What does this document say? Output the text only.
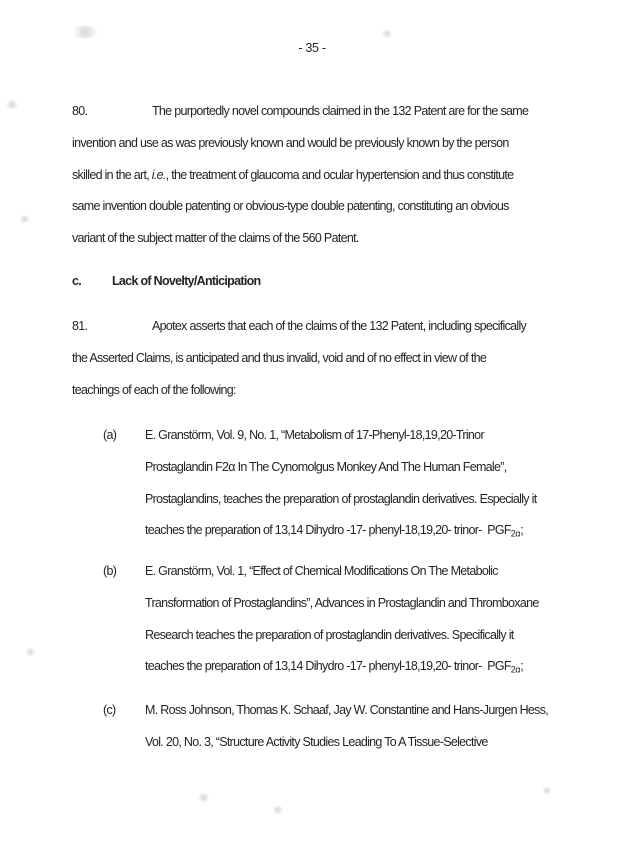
- 35 -
80.	The purportedly novel compounds claimed in the 132 Patent are for the same
invention and use as was previously known and would be previously known by the person
skilled in the art, i.e., the treatment of glaucoma and ocular hypertension and thus constitute
same invention double patenting or obvious-type double patenting, constituting an obvious
variant of the subject matter of the claims of the 560 Patent.
c. Lack of Novelty/Anticipation
81.	Apotex asserts that each of the claims of the 132 Patent, including specifically
the Asserted Claims, is anticipated and thus invalid, void and of no effect in view of the
teachings of each of the following:
(a) E. Granstörm, Vol. 9, No. 1, “Metabolism of 17-Phenyl-18,19,20-Trinor
Prostaglandin F2α In The Cynomolgus Monkey And The Human Female”,
Prostaglandins, teaches the preparation of prostaglandin derivatives. Especially it
teaches the preparation of 13,14 Dihydro -17- phenyl-18,19,20- trinor-  $PGF_{2\alpha}$;
(b) E. Granstörm, Vol. 1, “Effect of Chemical Modifications On The Metabolic
Transformation of Prostaglandins”, Advances in Prostaglandin and Thromboxane
Research teaches the preparation of prostaglandin derivatives. Specifically it
teaches the preparation of 13,14 Dihydro -17- phenyl-18,19,20- trinor-  $PGF_{2\alpha}$;
(c) M. Ross Johnson, Thomas K. Schaaf, Jay W. Constantine and Hans-Jurgen Hess,
Vol. 20, No. 3, “Structure Activity Studies Leading To A Tissue-Selective
